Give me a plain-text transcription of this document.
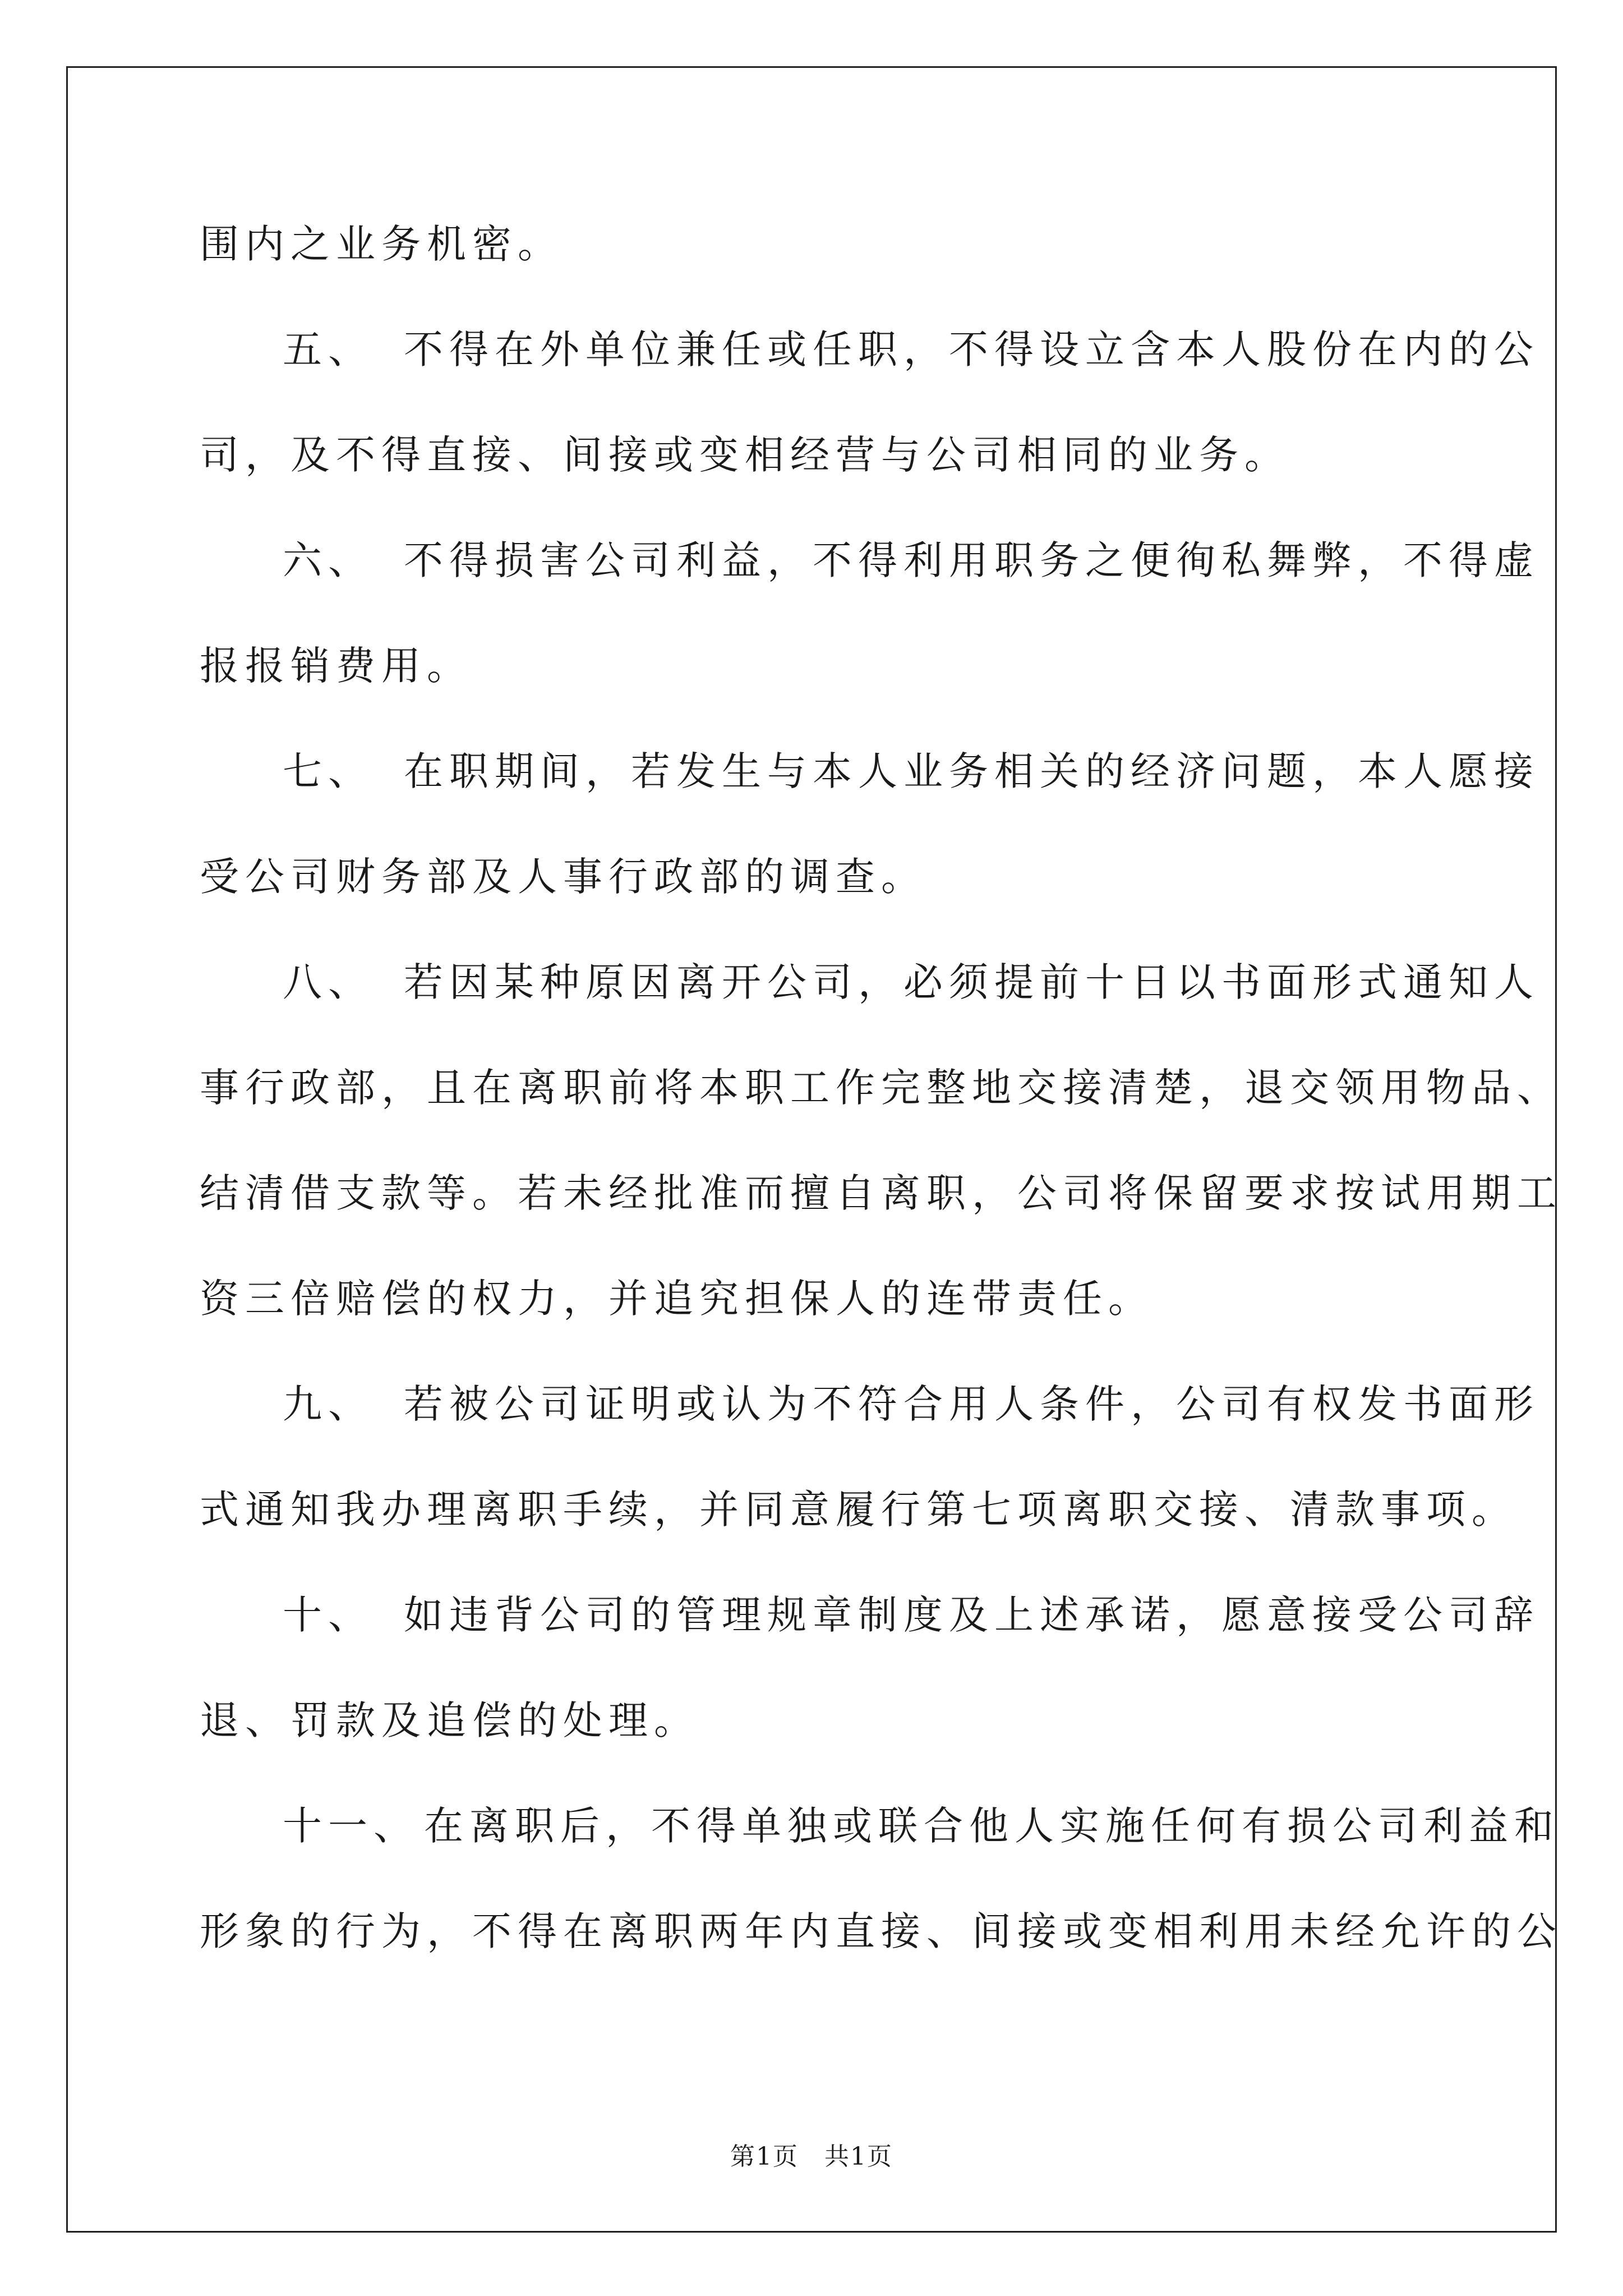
围内之业务机密。
五、 不得在外单位兼任或任职，不得设立含本人股份在内的公
司，及不得直接、间接或变相经营与公司相同的业务。
六、 不得损害公司利益，不得利用职务之便徇私舞弊，不得虚
报报销费用。
七、 在职期间，若发生与本人业务相关的经济问题，本人愿接
受公司财务部及人事行政部的调查。
八、 若因某种原因离开公司，必须提前十日以书面形式通知人
事行政部，且在离职前将本职工作完整地交接清楚，退交领用物品、
结清借支款等。若未经批准而擅自离职，公司将保留要求按试用期工
资三倍赔偿的权力，并追究担保人的连带责任。
九、 若被公司证明或认为不符合用人条件，公司有权发书面形
式通知我办理离职手续，并同意履行第七项离职交接、清款事项。
十、 如违背公司的管理规章制度及上述承诺，愿意接受公司辞
退、罚款及追偿的处理。
十一、 在离职后，不得单独或联合他人实施任何有损公司利益和
形象的行为，不得在离职两年内直接、间接或变相利用未经允许的公
第1页 共1页
